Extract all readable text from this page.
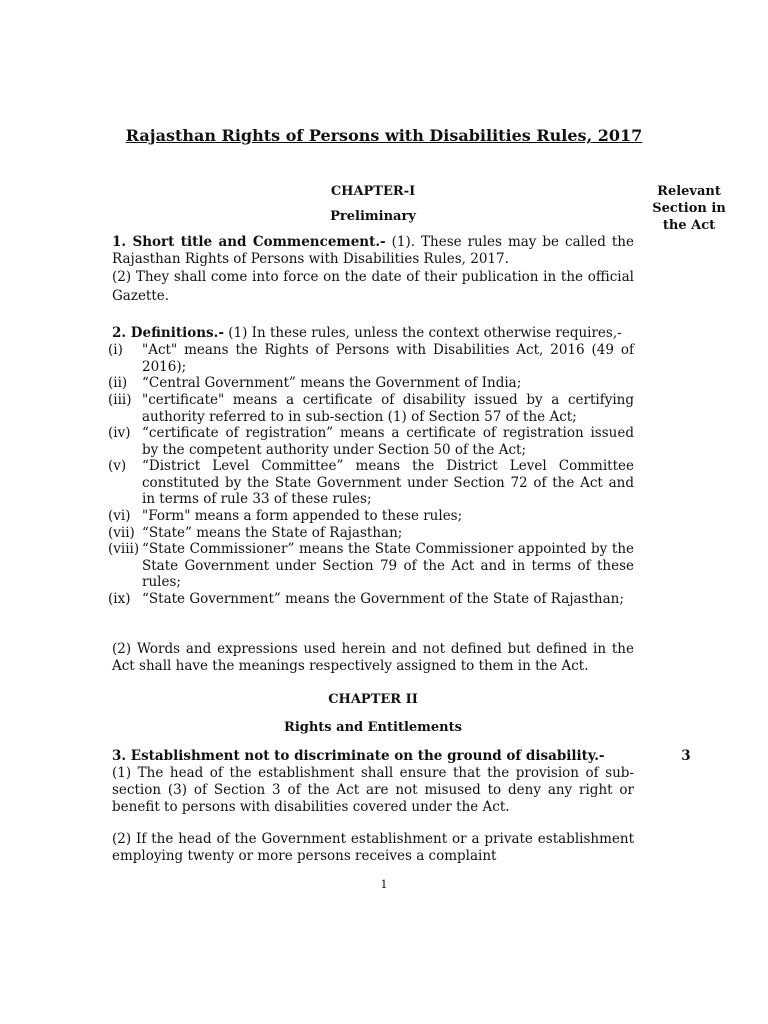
Rajasthan Rights of Persons with Disabilities Rules, 2017
Relevant
Section in
the Act
CHAPTER-I
Preliminary
1. Short title and Commencement.- (1). These rules may be called the Rajasthan Rights of Persons with Disabilities Rules, 2017.
(2) They shall come into force on the date of their publication in the official Gazette.
2. Definitions.- (1) In these rules, unless the context otherwise requires,-
(i)	"Act" means the Rights of Persons with Disabilities Act, 2016 (49 of 2016);
(ii)	“Central Government” means the Government of India;
(iii) "certificate" means a certificate of disability issued by a certifying authority referred to in sub-section (1) of Section 57 of the Act;
(iv) “certificate of registration” means a certificate of registration issued by the competent authority under Section 50 of the Act;
(v)	“District Level Committee” means the District Level Committee constituted by the State Government under Section 72 of the Act and in terms of rule 33 of these rules;
(vi) "Form" means a form appended to these rules;
(vii) “State” means the State of Rajasthan;
(viii) “State Commissioner” means the State Commissioner appointed by the State Government under Section 79 of the Act and in terms of these rules;
(ix) “State Government” means the Government of the State of Rajasthan;
(2) Words and expressions used herein and not defined but defined in the Act shall have the meanings respectively assigned to them in the Act.
CHAPTER II
Rights and Entitlements
3. Establishment not to discriminate on the ground of disability.-	3
(1) The head of the establishment shall ensure that the provision of sub-section (3) of Section 3 of the Act are not misused to deny any right or benefit to persons with disabilities covered under the Act.
(2) If the head of the Government establishment or a private establishment employing twenty or more persons receives a complaint
1
